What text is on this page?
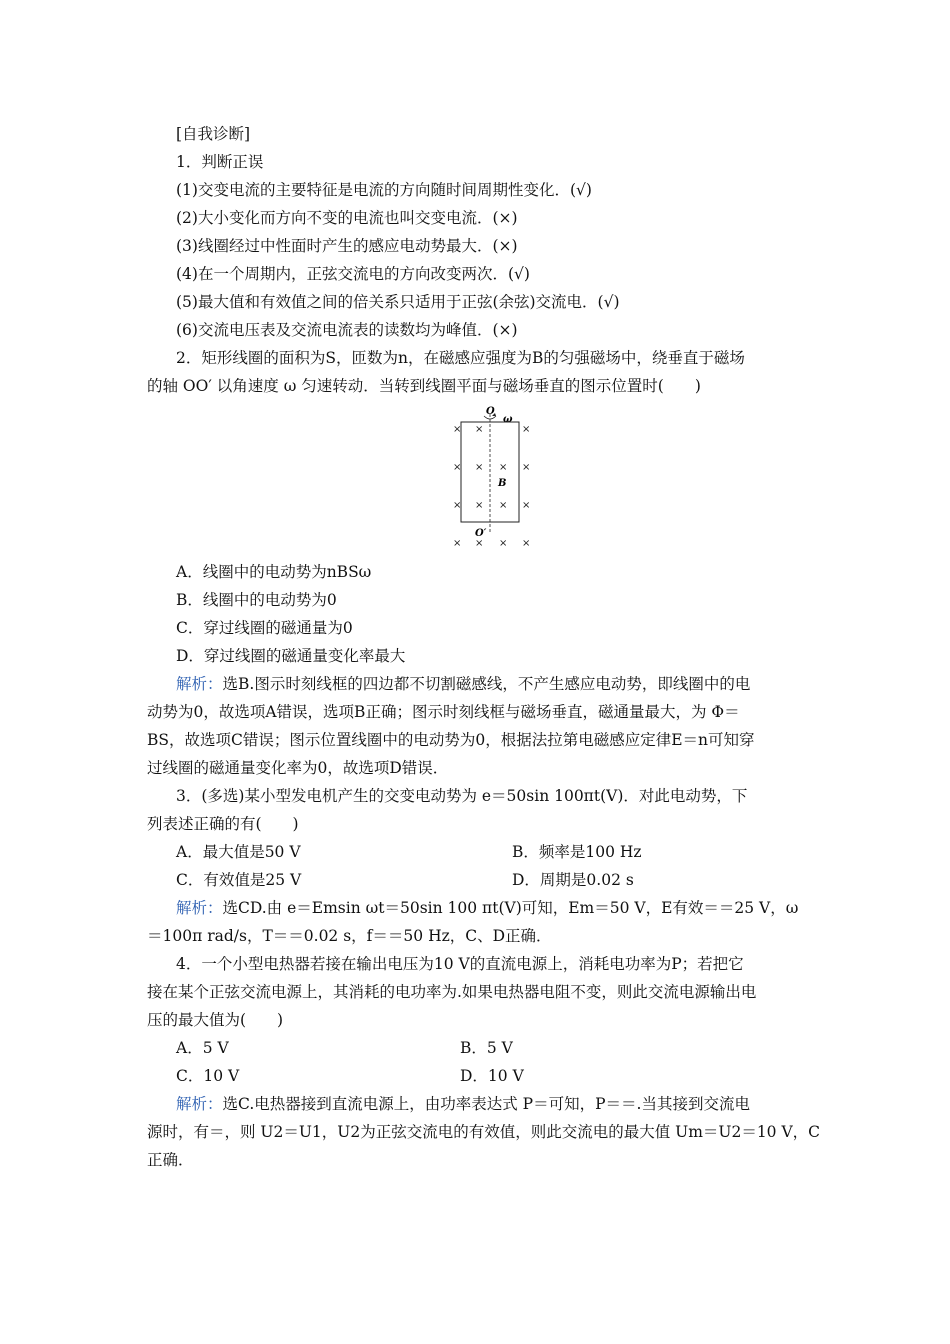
[自我诊断]
1．判断正误
(1)交变电流的主要特征是电流的方向随时间周期性变化．(√)
(2)大小变化而方向不变的电流也叫交变电流．(×)
(3)线圈经过中性面时产生的感应电动势最大．(×)
(4)在一个周期内，正弦交流电的方向改变两次．(√)
(5)最大值和有效值之间的倍关系只适用于正弦(余弦)交流电．(√)
(6)交流电压表及交流电流表的读数均为峰值．(×)
2．矩形线圈的面积为S，匝数为n，在磁感应强度为B的匀强磁场中，绕垂直于磁场
的轴 OO′ 以角速度 ω 匀速转动．当转到线圈平面与磁场垂直的图示位置时(　　)
O
ω
B
O′
× ×	×
× × × ×
× × × ×
× × × ×
A．线圈中的电动势为nBSω
B．线圈中的电动势为0
C．穿过线圈的磁通量为0
D．穿过线圈的磁通量变化率最大
解析：选B.图示时刻线框的四边都不切割磁感线，不产生感应电动势，即线圈中的电
动势为0，故选项A错误，选项B正确；图示时刻线框与磁场垂直，磁通量最大，为 Φ＝
BS，故选项C错误；图示位置线圈中的电动势为0，根据法拉第电磁感应定律E＝n可知穿
过线圈的磁通量变化率为0，故选项D错误．
3．(多选)某小型发电机产生的交变电动势为 e＝50sin 100πt(V)．对此电动势，下
列表述正确的有(　　)
A．最大值是50 V	B．频率是100 Hz
C．有效值是25 V	D．周期是0.02 s
解析：选CD.由 e＝Emsin ωt＝50sin 100 πt(V)可知，Em＝50 V，E有效＝＝25 V，ω
＝100π rad/s，T＝＝0.02 s，f＝＝50 Hz，C、D正确．
4．一个小型电热器若接在输出电压为10 V的直流电源上，消耗电功率为P；若把它
接在某个正弦交流电源上，其消耗的电功率为.如果电热器电阻不变，则此交流电源输出电
压的最大值为(　　)
A．5 V	B．5 V
C．10 V	D．10 V
解析：选C.电热器接到直流电源上，由功率表达式 P＝可知，P＝＝.当其接到交流电
源时，有＝，则 U2＝U1，U2为正弦交流电的有效值，则此交流电的最大值 Um＝U2＝10 V，C
正确．
